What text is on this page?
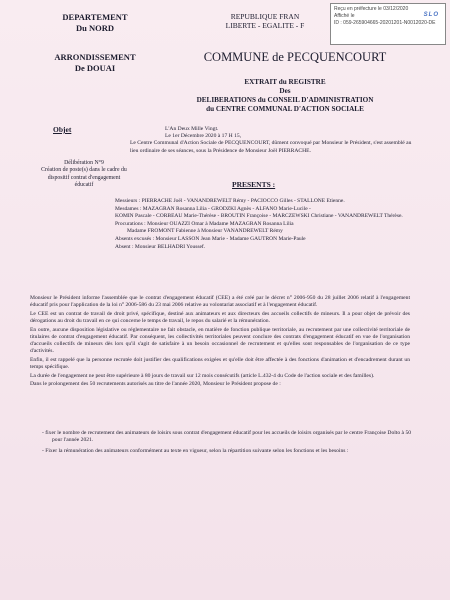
DEPARTEMENT
Du NORD
ARRONDISSEMENT
De DOUAI
REPUBLIQUE FRAN
LIBERTE - EGALITE - F
Reçu en préfecture le 03/12/2020
Affiché le
ID : 059-265904665-20201201-N0012020-DE
SLO
COMMUNE de PECQUENCOURT
EXTRAIT du REGISTRE
Des
DELIBERATIONS du CONSEIL D'ADMINISTRATION
du CENTRE COMMUNAL D'ACTION SOCIALE
Objet
Délibération N°9
Création de poste(s) dans le cadre du dispositif contrat d'engagement éducatif

L'An Deux Mille Vingt.

Le 1er Décembre 2020 à 17 H 15,

Le Centre Communal d'Action Sociale de PECQUENCOURT, dûment convoqué par Monsieur le Président, s'est assemblé au lieu ordinaire de ses séances, sous la Présidence de Monsieur Joël PIERRACHE.

PRESENTS :

Messieurs : PIERRACHE Joël - VANANDREWELT Rémy - PACIOCCO Gilles - STALLONE Etienne.

Mesdames : MAZAGRAN Rosanna Lilia - GRODZKI Agnès - ALFANO Marie-Lucile -

KOMIN Pascale - CORBEAU Marie-Thérèse - BROUTIN Françoise - MARCZEWSKI Christiane - VANANDREWELT Thérèse.

Procurations : Monsieur OUAZZI Omar à Madame MAZAGRAN Rosanna Lilia

Madame FROMONT Fabienne à Monsieur VANANDREWELT Rémy

Absents excusés : Monsieur LASSON Jean Marie - Madame GAUTRON Marie-Paule

Absent : Monsieur BELHADRI Youssef.

Monsieur le Président informe l'assemblée que le contrat d'engagement éducatif (CEE) a été créé par le décret n° 2006-950 du 28 juillet 2006 relatif à l'engagement éducatif pris pour l'application de la loi n° 2006-586 du 23 mai 2006 relative au volontariat associatif et à l'engagement éducatif.

Le CEE est un contrat de travail de droit privé, spécifique, destiné aux animateurs et aux directeurs des accueils collectifs de mineurs. Il a pour objet de prévoir des dérogations au droit du travail en ce qui concerne le temps de travail, le repos du salarié et la rémunération.

En outre, aucune disposition législative ou réglementaire ne fait obstacle, en matière de fonction publique territoriale, au recrutement par une collectivité territoriale de titulaires de contrat d'engagement éducatif. Par conséquent, les collectivités territoriales peuvent conclure des contrats d'engagement éducatif en vue de l'organisation d'accueils collectifs de mineurs dès lors qu'il s'agit de satisfaire à un besoin occasionnel de recrutement et qu'elles sont responsables de l'organisation de ce type d'activités.

Enfin, il est rappelé que la personne recrutée doit justifier des qualifications exigées et qu'elle doit être affectée à des fonctions d'animation et d'encadrement durant un temps spécifique.

La durée de l'engagement ne peut être supérieure à 80 jours de travail sur 12 mois consécutifs (article L.432-4 du Code de l'action sociale et des familles).

Dans le prolongement des 50 recrutements autorisés au titre de l'année 2020, Monsieur le Président propose de :

- fixer le nombre de recrutement des animateurs de loisirs sous contrat d'engagement éducatif pour les accueils de loisirs organisés par le centre Françoise Dolto à 50 pour l'année 2021.

- Fixer la rémunération des animateurs conformément au texte en vigueur, selon la répartition suivante selon les fonctions et les besoins :
